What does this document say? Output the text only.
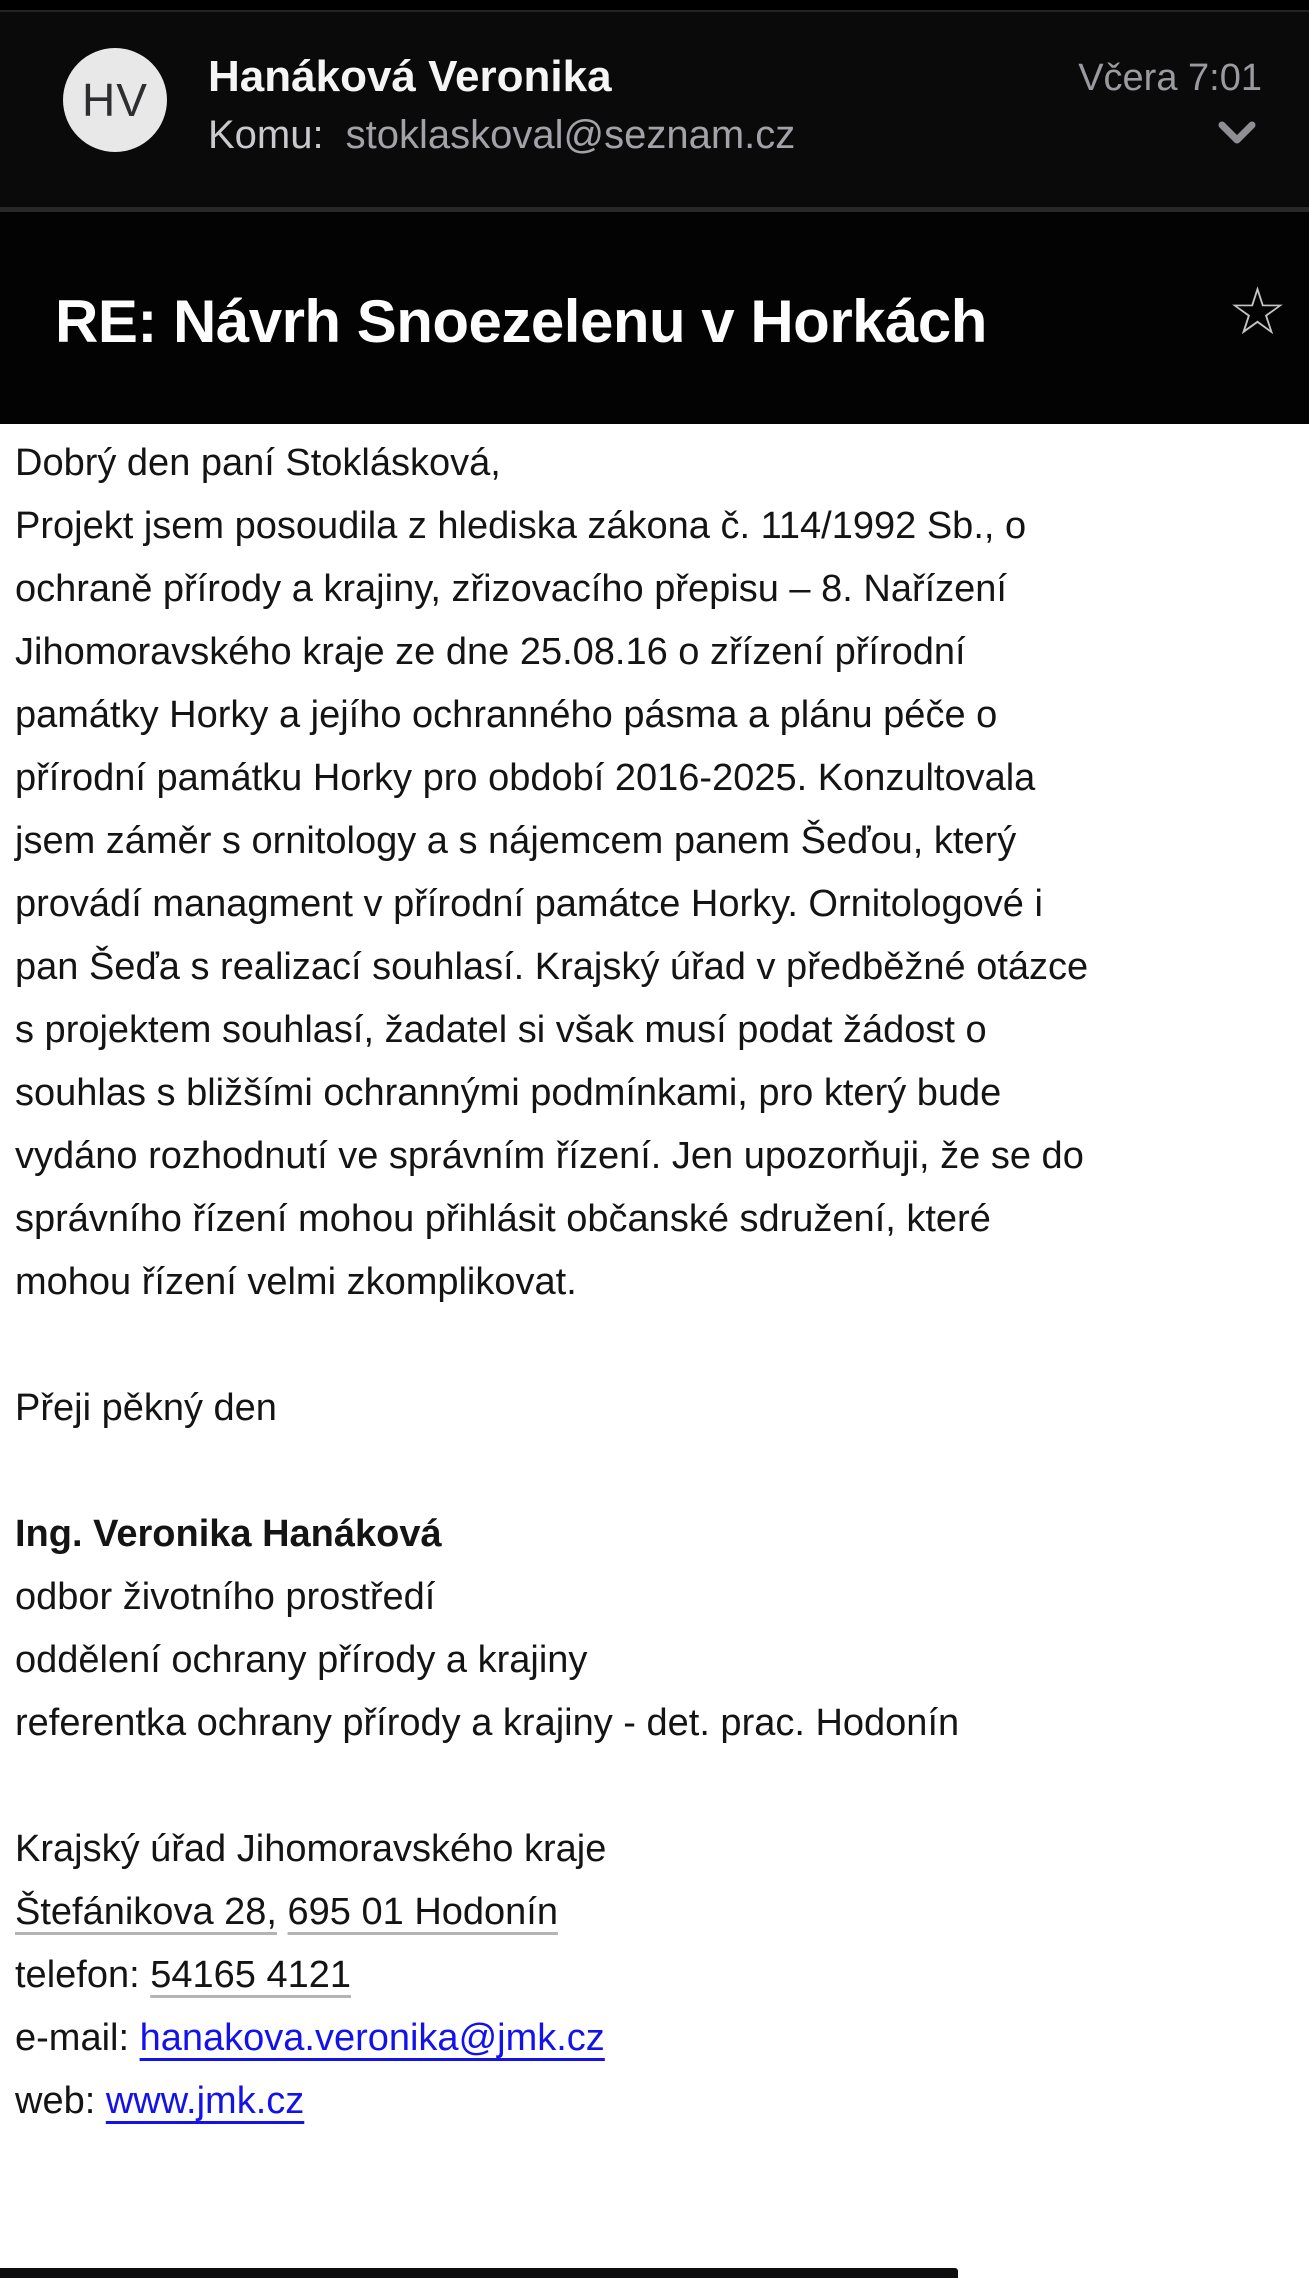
HV Hanáková Veronika
Komu: stoklaskoval@seznam.cz
Včera 7:01
RE: Návrh Snoezelenu v Horkách	☆
Dobrý den paní Stoklásková,
Projekt jsem posoudila z hlediska zákona č. 114/1992 Sb., o
ochraně přírody a krajiny, zřizovacího přepisu – 8. Nařízení
Jihomoravského kraje ze dne 25.08.16 o zřízení přírodní
památky Horky a jejího ochranného pásma a plánu péče o
přírodní památku Horky pro období 2016-2025. Konzultovala
jsem záměr s ornitology a s nájemcem panem Šeďou, který
provádí managment v přírodní památce Horky. Ornitologové i
pan Šeďa s realizací souhlasí. Krajský úřad v předběžné otázce
s projektem souhlasí, žadatel si však musí podat žádost o
souhlas s bližšími ochrannými podmínkami, pro který bude
vydáno rozhodnutí ve správním řízení. Jen upozorňuji, že se do
správního řízení mohou přihlásit občanské sdružení, které
mohou řízení velmi zkomplikovat.

Přeji pěkný den

Ing. Veronika Hanáková
odbor životního prostředí
oddělení ochrany přírody a krajiny
referentka ochrany přírody a krajiny - det. prac. Hodonín

Krajský úřad Jihomoravského kraje
Štefánikova 28, 695 01 Hodonín
telefon: 54165 4121
e-mail: hanakova.veronika@jmk.cz
web: www.jmk.cz
